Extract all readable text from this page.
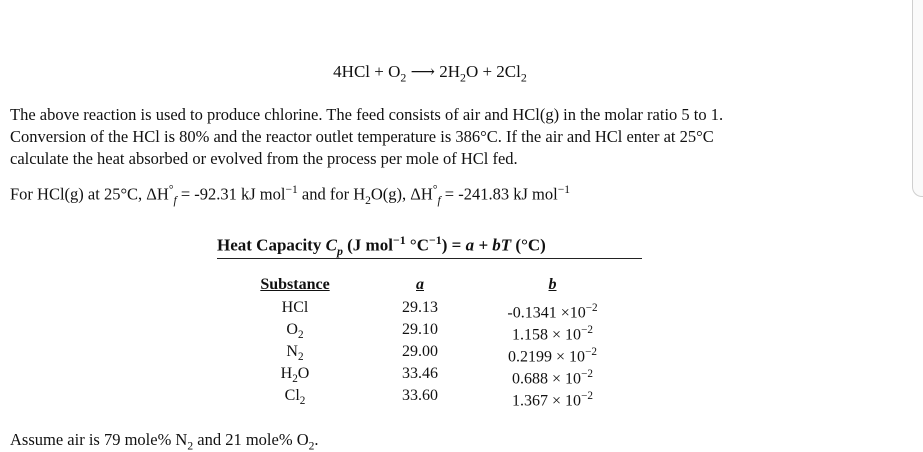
$4HCl + O_2$ ⟶ $2H_2O + 2Cl_2$
The above reaction is used to produce chlorine. The feed consists of air and HCl(g) in the molar ratio 5 to 1.
Conversion of the HCl is 80% and the reactor outlet temperature is 386°C. If the air and HCl enter at 25°C
calculate the heat absorbed or evolved from the process per mole of HCl fed.
For HCl(g) at 25°C, $\Delta H^\circ_f = -92.31$ kJ mol$^{-1}$ and for $H_2O(g)$, $\Delta H^\circ_f = -241.83$ kJ mol$^{-1}$
Heat Capacity $C_p$ (J mol$^{-1}$ $^\circ C^{-1}) = a$ + bT (°C)
Substance
HCl
$O_2$
$N_2$
$H_2O$
$Cl_2$
a
29.13
29.10
29.00
33.46
33.60
b
$-0.1341 \times 10^{-2}$
$1.158 \times 10^{-2}$
$0.2199 \times 10^{-2}$
$0.688 \times 10^{-2}$
$1.367 \times 10^{-2}$
Assume air is 79 mole% $N_2$ and 21 mole% $O_2$.
